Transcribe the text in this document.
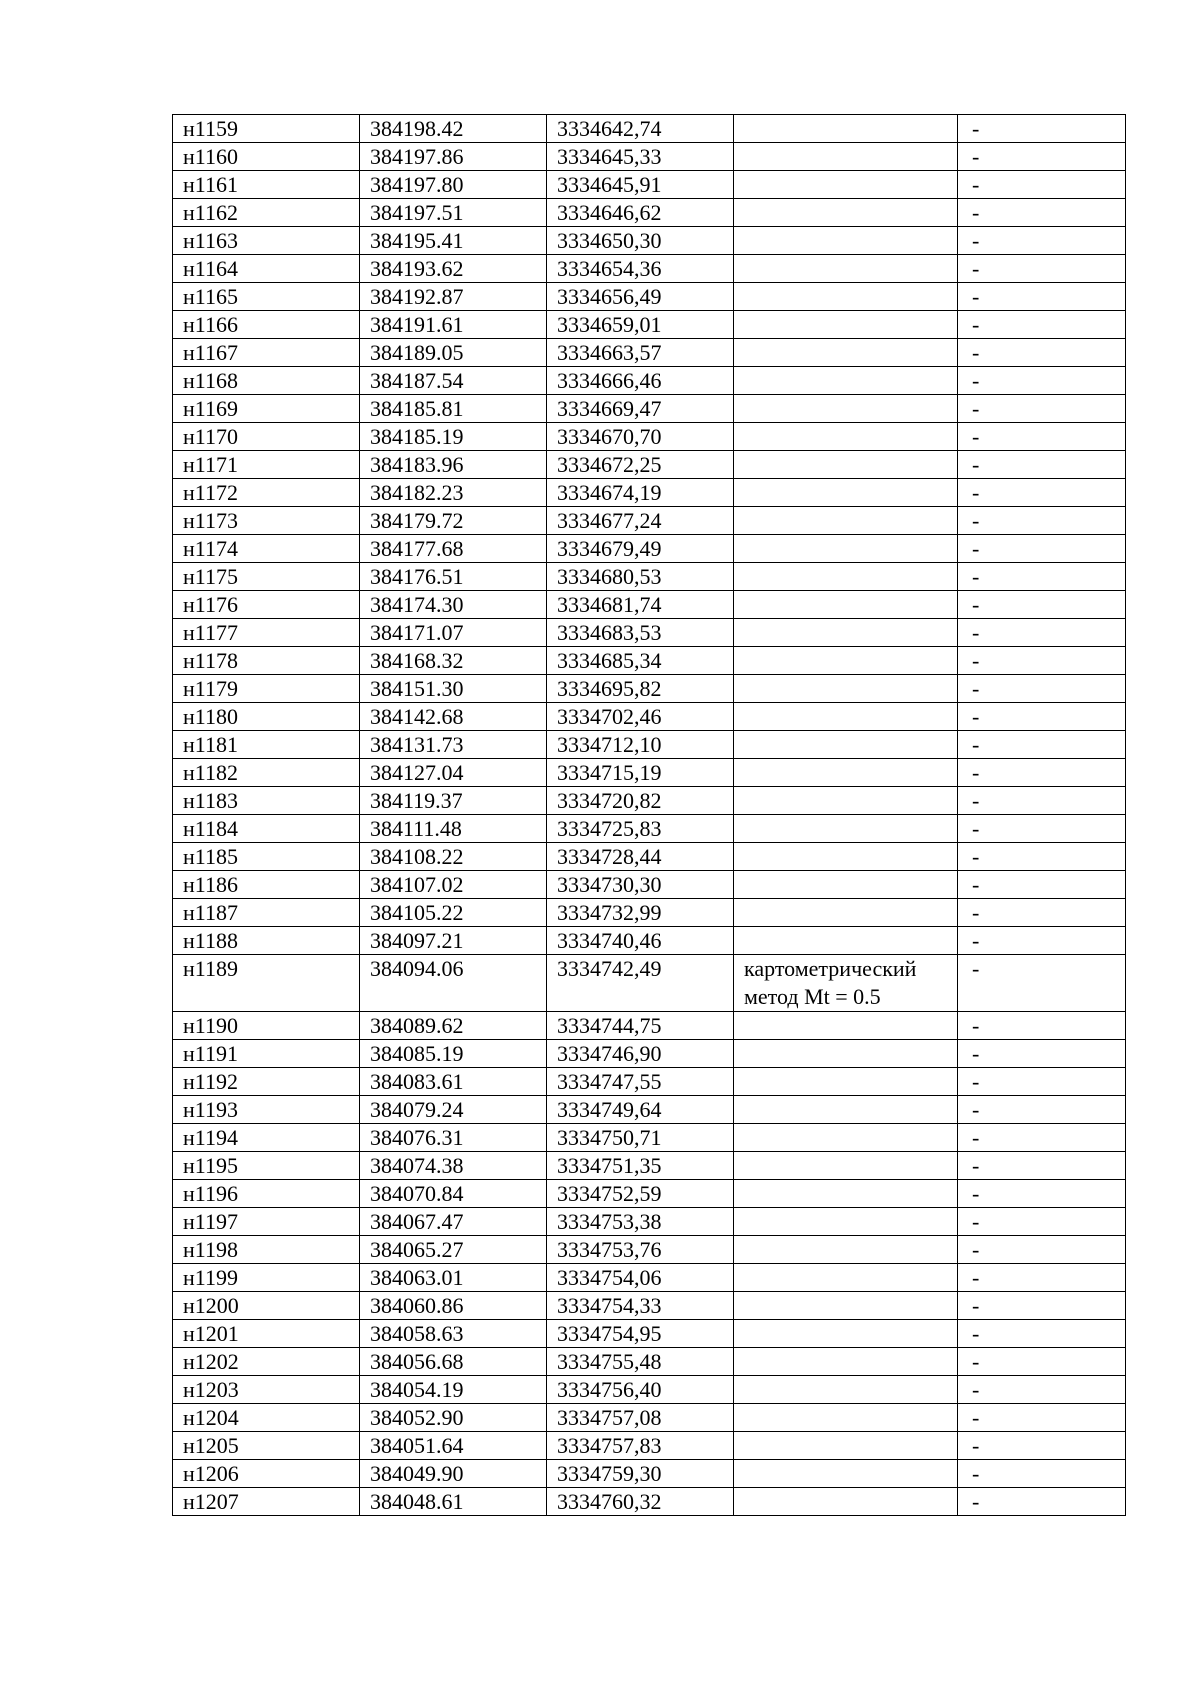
н1159	384198.42	3334642,74		-
н1160	384197.86	3334645,33		-
н1161	384197.80	3334645,91		-
н1162	384197.51	3334646,62		-
н1163	384195.41	3334650,30		-
н1164	384193.62	3334654,36		-
н1165	384192.87	3334656,49		-
н1166	384191.61	3334659,01		-
н1167	384189.05	3334663,57		-
н1168	384187.54	3334666,46		-
н1169	384185.81	3334669,47		-
н1170	384185.19	3334670,70		-
н1171	384183.96	3334672,25		-
н1172	384182.23	3334674,19		-
н1173	384179.72	3334677,24		-
н1174	384177.68	3334679,49		-
н1175	384176.51	3334680,53		-
н1176	384174.30	3334681,74		-
н1177	384171.07	3334683,53		-
н1178	384168.32	3334685,34		-
н1179	384151.30	3334695,82		-
н1180	384142.68	3334702,46		-
н1181	384131.73	3334712,10		-
н1182	384127.04	3334715,19		-
н1183	384119.37	3334720,82		-
н1184	384111.48	3334725,83		-
н1185	384108.22	3334728,44		-
н1186	384107.02	3334730,30		-
н1187	384105.22	3334732,99		-
н1188	384097.21	3334740,46		-
н1189	384094.06	3334742,49	картометрический метод Mt = 0.5	-
н1190	384089.62	3334744,75		-
н1191	384085.19	3334746,90		-
н1192	384083.61	3334747,55		-
н1193	384079.24	3334749,64		-
н1194	384076.31	3334750,71		-
н1195	384074.38	3334751,35		-
н1196	384070.84	3334752,59		-
н1197	384067.47	3334753,38		-
н1198	384065.27	3334753,76		-
н1199	384063.01	3334754,06		-
н1200	384060.86	3334754,33		-
н1201	384058.63	3334754,95		-
н1202	384056.68	3334755,48		-
н1203	384054.19	3334756,40		-
н1204	384052.90	3334757,08		-
н1205	384051.64	3334757,83		-
н1206	384049.90	3334759,30		-
н1207	384048.61	3334760,32		-
